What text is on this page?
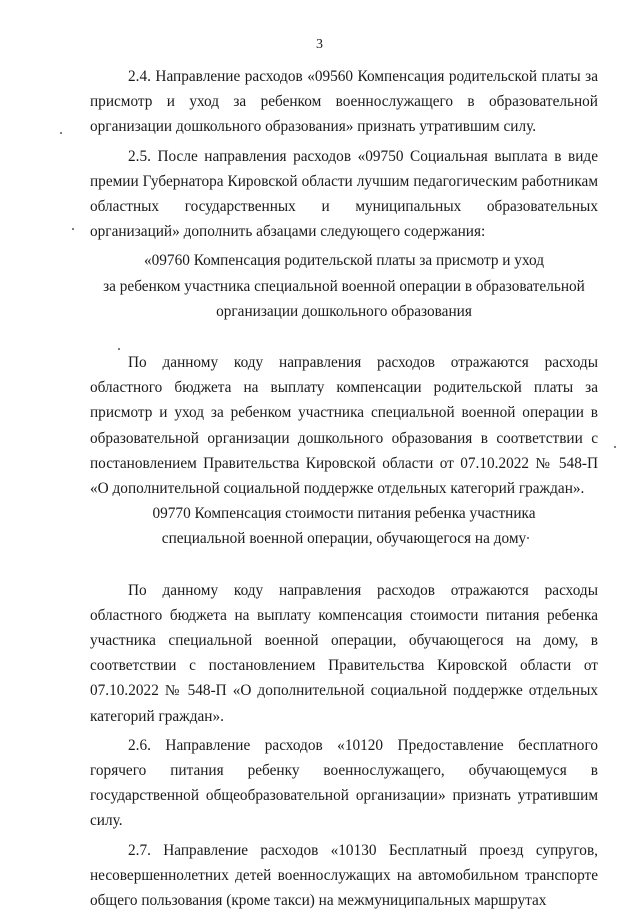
3

2.4. Направление расходов «09560 Компенсация родительской платы за присмотр и уход за ребенком военнослужащего в образовательной организации дошкольного образования» признать утратившим силу.

2.5. После направления расходов «09750 Социальная выплата в виде премии Губернатора Кировской области лучшим педагогическим работникам областных государственных и муниципальных образовательных организаций» дополнить абзацами следующего содержания:

«09760 Компенсация родительской платы за присмотр и уход

за ребенком участника специальной военной операции в образовательной

организации дошкольного образования

По данному коду направления расходов отражаются расходы областного бюджета на выплату компенсации родительской платы за присмотр и уход за ребенком участника специальной военной операции в образовательной организации дошкольного образования в соответствии с постановлением Правительства Кировской области от 07.10.2022 № 548-П «О дополнительной социальной поддержке отдельных категорий граждан».

09770 Компенсация стоимости питания ребенка участника

специальной военной операции, обучающегося на дому

По данному коду направления расходов отражаются расходы областного бюджета на выплату компенсация стоимости питания ребенка участника специальной военной операции, обучающегося на дому, в соответствии с постановлением Правительства Кировской области от 07.10.2022 № 548-П «О дополнительной социальной поддержке отдельных категорий граждан».

2.6. Направление расходов «10120 Предоставление бесплатного горячего питания ребенку военнослужащего, обучающемуся в государственной общеобразовательной организации» признать утратившим силу.

2.7. Направление расходов «10130 Бесплатный проезд супругов, несовершеннолетних детей военнослужащих на автомобильном транспорте общего пользования (кроме такси) на межмуниципальных маршрутах
